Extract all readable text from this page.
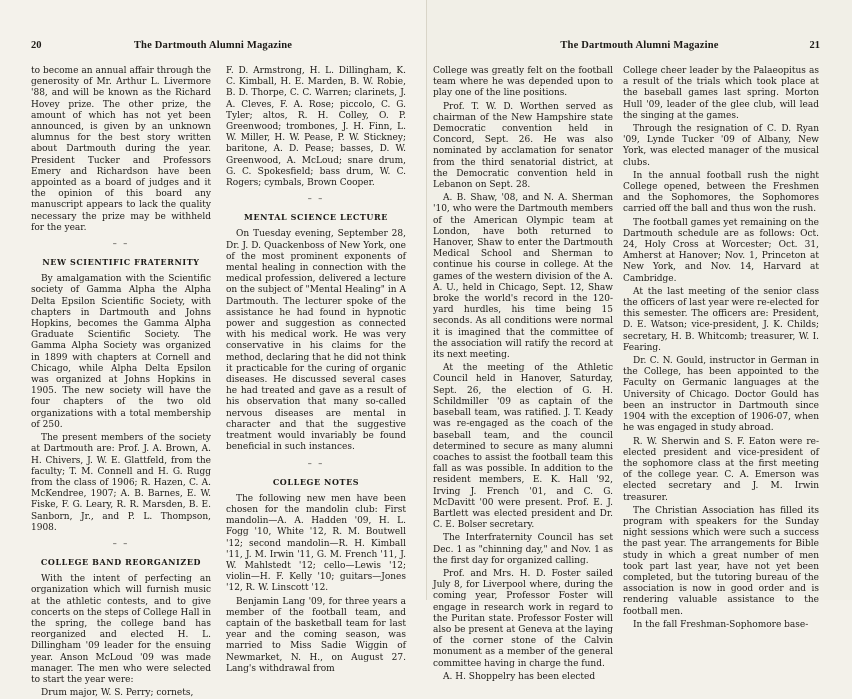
20	The Dartmouth Alumni Magazine

to become an annual affair through the generosity of Mr. Arthur L. Livermore '88, and will be known as the Richard Hovey prize. The other prize, the amount of which has not yet been announced, is given by an unknown alumnus for the best story written about Dartmouth during the year. President Tucker and Professors Emery and Richardson have been appointed as a board of judges and it the opinion of this board any manuscript appears to lack the quality necessary the prize may be withheld for the year.

– –
NEW SCIENTIFIC FRATERNITY

By amalgamation with the Scientific society of Gamma Alpha the Alpha Delta Epsilon Scientific Society, with chapters in Dartmouth and Johns Hopkins, becomes the Gamma Alpha Graduate Scientific Society. The Gamma Alpha Society was organized in 1899 with chapters at Cornell and Chicago, while Alpha Delta Epsilon was organized at Johns Hopkins in 1905. The new society will have the four chapters of the two old organizations with a total membership of 250.

The present members of the society at Dartmouth are: Prof. J. A. Brown, A. H. Chivers, J. W. E. Glattfeld, from the faculty; T. M. Connell and H. G. Rugg from the class of 1906; R. Hazen, C. A. McKendree, 1907; A. B. Barnes, E. W. Fiske, F. G. Leary, R. R. Marsden, B. E. Sanborn, Jr., and P. L. Thompson, 1908.

– –
COLLEGE BAND REORGANIZED

With the intent of perfecting an organization which will furnish music at the athletic contests, and to give concerts on the steps of College Hall in the spring, the college band has reorganized and elected H. L. Dillingham '09 leader for the ensuing year. Anson McLoud '09 was made manager. The men who were selected to start the year were:

Drum major, W. S. Perry; cornets,

F. D. Armstrong, H. L. Dillingham, K. C. Kimball, H. E. Marden, B. W. Robie, B. D. Thorpe, C. C. Warren; clarinets, J. A. Cleves, F. A. Rose; piccolo, C. G. Tyler; altos, R. H. Colley, O. P. Greenwood; trombones, J. H. Finn, L. W. Miller, H. W. Pease, P. W. Stickney; baritone, A. D. Pease; basses, D. W. Greenwood, A. McLoud; snare drum, G. C. Spokesfield; bass drum, W. C. Rogers; cymbals, Brown Cooper.

– –
MENTAL SCIENCE LECTURE

On Tuesday evening, September 28, Dr. J. D. Quackenboss of New York, one of the most prominent exponents of mental healing in connection with the medical profession, delivered a lecture on the subject of "Mental Healing" in A Dartmouth. The lecturer spoke of the assistance he had found in hypnotic power and suggestion as connected with his medical work. He was very conservative in his claims for the method, declaring that he did not think it practicable for the curing of organic diseases. He discussed several cases he had treated and gave as a result of his observation that many so-called nervous diseases are mental in character and that the suggestive treatment would invariably be found beneficial in such instances.

– –
COLLEGE NOTES

The following new men have been chosen for the mandolin club: First mandolin—A. A. Hadden '09, H. L. Fogg '10, White '12, R. M. Boutwell '12; second mandolin—R. H. Kimball '11, J. M. Irwin '11, G. M. French '11, J. W. Mahlstedt '12; cello—Lewis '12; violin—H. F. Kelly '10; guitars—Jones '12, R. W. Linscott '12.

Benjamin Lang '09, for three years a member of the football team, and captain of the basketball team for last year and the coming season, was married to Miss Sadie Wiggin of Newmarket, N. H., on August 27. Lang's withdrawal from

The Dartmouth Alumni Magazine	21

College was greatly felt on the football team where he was depended upon to play one of the line positions.

Prof. T. W. D. Worthen served as chairman of the New Hampshire state Democratic convention held in Concord, Sept. 26. He was also nominated by acclamation for senator from the third senatorial district, at the Democratic convention held in Lebanon on Sept. 28.

A. B. Shaw, '08, and N. A. Sherman '10, who were the Dartmouth members of the American Olympic team at London, have both returned to Hanover, Shaw to enter the Dartmouth Medical School and Sherman to continue his course in college. At the games of the western division of the A. A. U., held in Chicago, Sept. 12, Shaw broke the world's record in the 120-yard hurdles, his time being 15 seconds. As all conditions were normal it is imagined that the committee of the association will ratify the record at its next meeting.

At the meeting of the Athletic Council held in Hanover, Saturday, Sept. 26, the election of G. H. Schildmiller '09 as captain of the baseball team, was ratified. J. T. Keady was re-engaged as the coach of the baseball team, and the council determined to secure as many alumni coaches to assist the football team this fall as was possible. In addition to the resident members, E. K. Hall '92, Irving J. French '01, and C. G. McDavitt '00 were present. Prof. E. J. Bartlett was elected president and Dr. C. E. Bolser secretary.

The Interfraternity Council has set Dec. 1 as "chinning day," and Nov. 1 as the first day for organized calling.

Prof. and Mrs. H. D. Foster sailed July 8, for Liverpool where, during the coming year, Professor Foster will engage in research work in regard to the Puritan state. Professor Foster will also be present at Geneva at the laying of the corner stone of the Calvin monument as a member of the general committee having in charge the fund.

A. H. Shoppelry has been elected

College cheer leader by the Palaeopitus as a result of the trials which took place at the baseball games last spring. Morton Hull '09, leader of the glee club, will lead the singing at the games.

Through the resignation of C. D. Ryan '09, Lynde Tucker '09 of Albany, New York, was elected manager of the musical clubs.

In the annual football rush the night College opened, between the Freshmen and the Sophomores, the Sophomores carried off the ball and thus won the rush.

The football games yet remaining on the Dartmouth schedule are as follows: Oct. 24, Holy Cross at Worcester; Oct. 31, Amherst at Hanover; Nov. 1, Princeton at New York, and Nov. 14, Harvard at Cambridge.

At the last meeting of the senior class the officers of last year were re-elected for this semester. The officers are: President, D. E. Watson; vice-president, J. K. Childs; secretary, H. B. Whitcomb; treasurer, W. I. Fearing.

Dr. C. N. Gould, instructor in German in the College, has been appointed to the Faculty on Germanic languages at the University of Chicago. Doctor Gould has been an instructor in Dartmouth since 1904 with the exception of 1906-07, when he was engaged in study abroad.

R. W. Sherwin and S. F. Eaton were re-elected president and vice-president of the sophomore class at the first meeting of the college year. C. A. Emerson was elected secretary and J. M. Irwin treasurer.

The Christian Association has filled its program with speakers for the Sunday night sessions which were such a success the past year. The arrangements for Bible study in which a great number of men took part last year, have not yet been completed, but the tutoring bureau of the association is now in good order and is rendering valuable assistance to the football men.

In the fall Freshman-Sophomore base-
